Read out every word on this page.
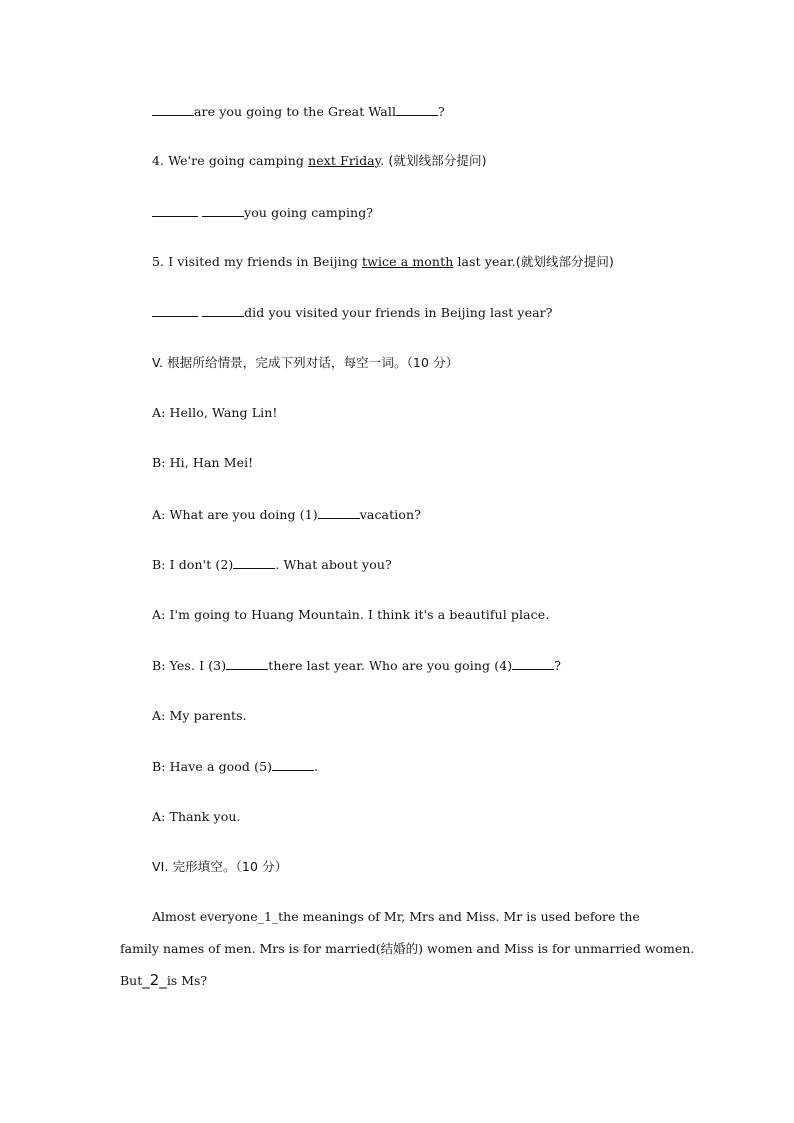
are you going to the Great Wall	?
4. We're going camping next Friday. (就划线部分提问)
you going camping?
5. I visited my friends in Beijing twice a month last year.(就划线部分提问)
did you visited your friends in Beijing last year?
V. 根据所给情景，完成下列对话，每空一词。（10 分）
A: Hello, Wang Lin!
B: Hi, Han Mei!
A: What are you doing (1)	vacation?
B: I don't (2)	. What about you?
A: I'm going to Huang Mountain. I think it's a beautiful place.
B: Yes. I (3)	there last year. Who are you going (4)	?
A: My parents.
B: Have a good (5)	.
A: Thank you.
VI. 完形填空。（10 分）
Almost everyone_1_the meanings of Mr, Mrs and Miss. Mr is used before the
family names of men. Mrs is for married(结婚的) women and Miss is for unmarried women.
But_2_is Ms?
